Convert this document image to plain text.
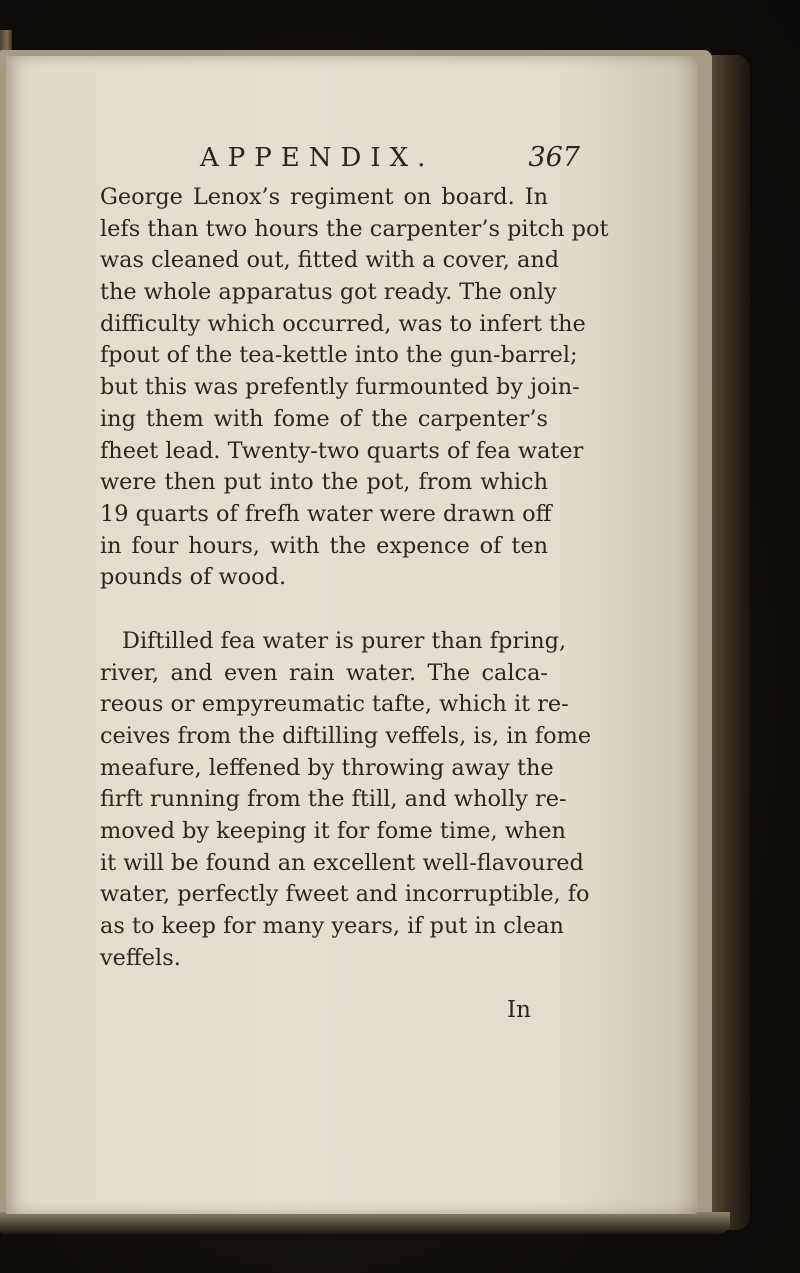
APPENDIX.	367
George Lenox’s regiment on board. In
lefs than two hours the carpenter’s pitch pot
was cleaned out, fitted with a cover, and
the whole apparatus got ready. The only
difficulty which occurred, was to infert the
fpout of the tea-kettle into the gun-barrel;
but this was prefently furmounted by join-
ing them with fome of the carpenter’s
fheet lead. Twenty-two quarts of fea water
were then put into the pot, from which
19 quarts of frefh water were drawn off
in four hours, with the expence of ten
pounds of wood.
Diftilled fea water is purer than fpring,
river, and even rain water. The calca-
reous or empyreumatic tafte, which it re-
ceives from the diftilling veffels, is, in fome
meafure, leffened by throwing away the
firft running from the ftill, and wholly re-
moved by keeping it for fome time, when
it will be found an excellent well-flavoured
water, perfectly fweet and incorruptible, fo
as to keep for many years, if put in clean
veffels.
In
